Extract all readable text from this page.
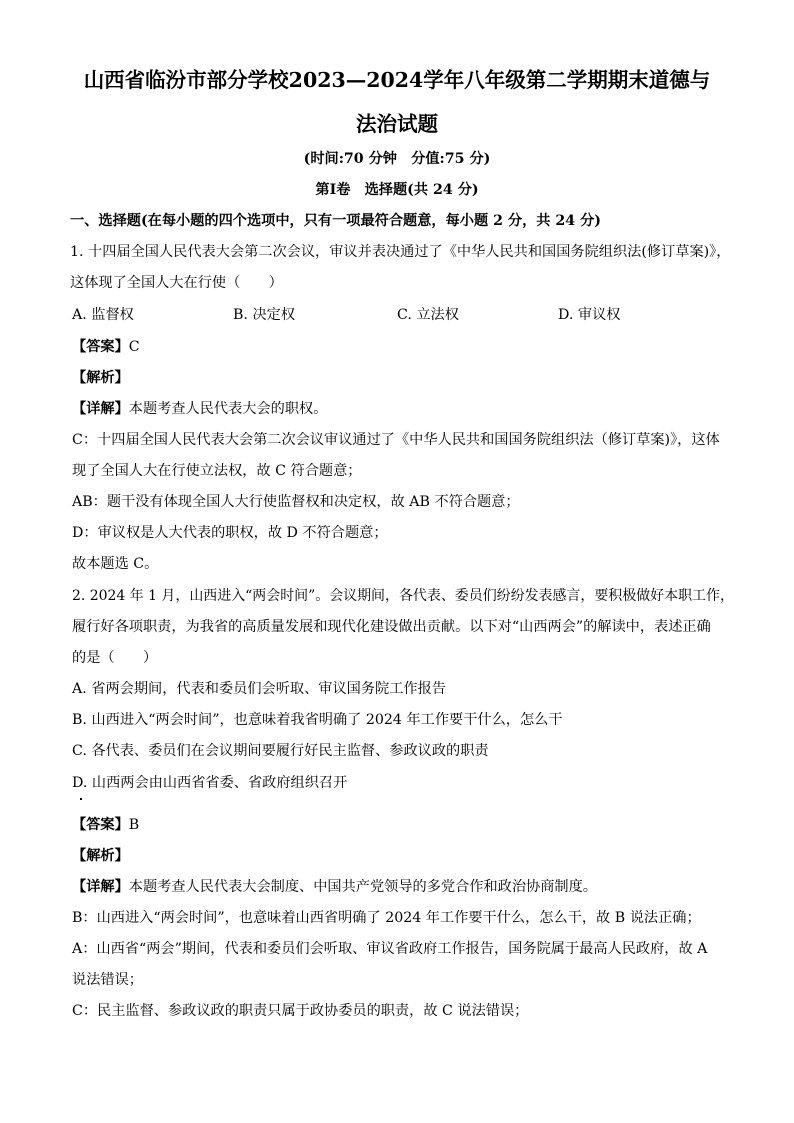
山西省临汾市部分学校2023—2024学年八年级第二学期期末道德与
法治试题
(时间:70 分钟　分值:75 分)
第Ⅰ卷　选择题(共 24 分)
一、选择题(在每小题的四个选项中，只有一项最符合题意，每小题 2 分，共 24 分)
1. 十四届全国人民代表大会第二次会议，审议并表决通过了《中华人民共和国国务院组织法(修订草案)》，
这体现了全国人大在行使（　　）
A. 监督权	B. 决定权	C. 立法权	D. 审议权
【答案】C
【解析】
【详解】本题考查人民代表大会的职权。
C：十四届全国人民代表大会第二次会议审议通过了《中华人民共和国国务院组织法（修订草案)》，这体
现了全国人大在行使立法权，故 C 符合题意；
AB：题干没有体现全国人大行使监督权和决定权，故 AB 不符合题意；
D：审议权是人大代表的职权，故 D 不符合题意；
故本题选 C。
2. 2024 年 1 月，山西进入“两会时间”。会议期间，各代表、委员们纷纷发表感言，要积极做好本职工作，
履行好各项职责，为我省的高质量发展和现代化建设做出贡献。以下对“山西两会”的解读中，表述正确
的是（　　）
A. 省两会期间，代表和委员们会听取、审议国务院工作报告
B. 山西进入“两会时间”，也意味着我省明确了 2024 年工作要干什么，怎么干
C. 各代表、委员们在会议期间要履行好民主监督、参政议政的职责
D. 山西两会由山西省省委、省政府组织召开
【答案】B
【解析】
【详解】本题考查人民代表大会制度、中国共产党领导的多党合作和政治协商制度。
B：山西进入“两会时间”，也意味着山西省明确了 2024 年工作要干什么，怎么干，故 B 说法正确；
A：山西省“两会”期间，代表和委员们会听取、审议省政府工作报告，国务院属于最高人民政府，故 A
说法错误；
C：民主监督、参政议政的职责只属于政协委员的职责，故 C 说法错误；
